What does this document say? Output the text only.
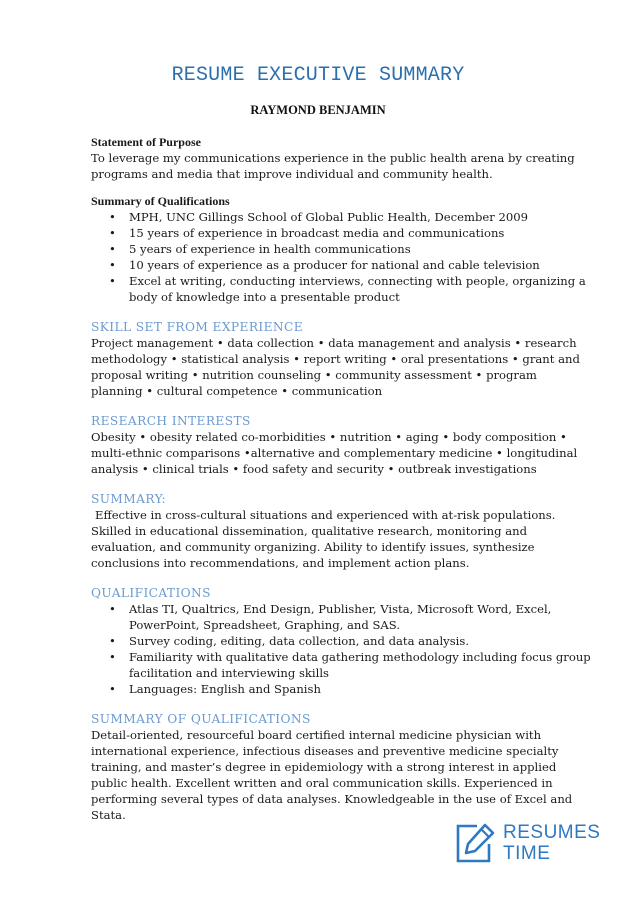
RESUME EXECUTIVE SUMMARY
RAYMOND BENJAMIN

Statement of Purpose

To leverage my communications experience in the public health arena by creating programs and media that improve individual and community health.

Summary of Qualifications

• MPH, UNC Gillings School of Global Public Health, December 2009
• 15 years of experience in broadcast media and communications
• 5 years of experience in health communications
• 10 years of experience as a producer for national and cable television
• Excel at writing, conducting interviews, connecting with people, organizing a body of knowledge into a presentable product

SKILL SET FROM EXPERIENCE

Project management • data collection • data management and analysis • research methodology • statistical analysis • report writing • oral presentations • grant and proposal writing • nutrition counseling • community assessment • program planning • cultural competence • communication

RESEARCH INTERESTS

Obesity • obesity related co-morbidities • nutrition • aging • body composition • multi-ethnic comparisons •alternative and complementary medicine • longitudinal analysis • clinical trials • food safety and security • outbreak investigations

SUMMARY:

Effective in cross-cultural situations and experienced with at-risk populations.

Skilled in educational dissemination, qualitative research, monitoring and evaluation, and community organizing. Ability to identify issues, synthesize conclusions into recommendations, and implement action plans.

QUALIFICATIONS

• Atlas TI, Qualtrics, End Design, Publisher, Vista, Microsoft Word, Excel, PowerPoint, Spreadsheet, Graphing, and SAS.
• Survey coding, editing, data collection, and data analysis.
• Familiarity with qualitative data gathering methodology including focus group facilitation and interviewing skills
• Languages: English and Spanish

SUMMARY OF QUALIFICATIONS

Detail-oriented, resourceful board certified internal medicine physician with international experience, infectious diseases and preventive medicine specialty training, and master’s degree in epidemiology with a strong interest in applied public health. Excellent written and oral communication skills. Experienced in performing several types of data analyses. Knowledgeable in the use of Excel and Stata.

RESUMES
TIME
